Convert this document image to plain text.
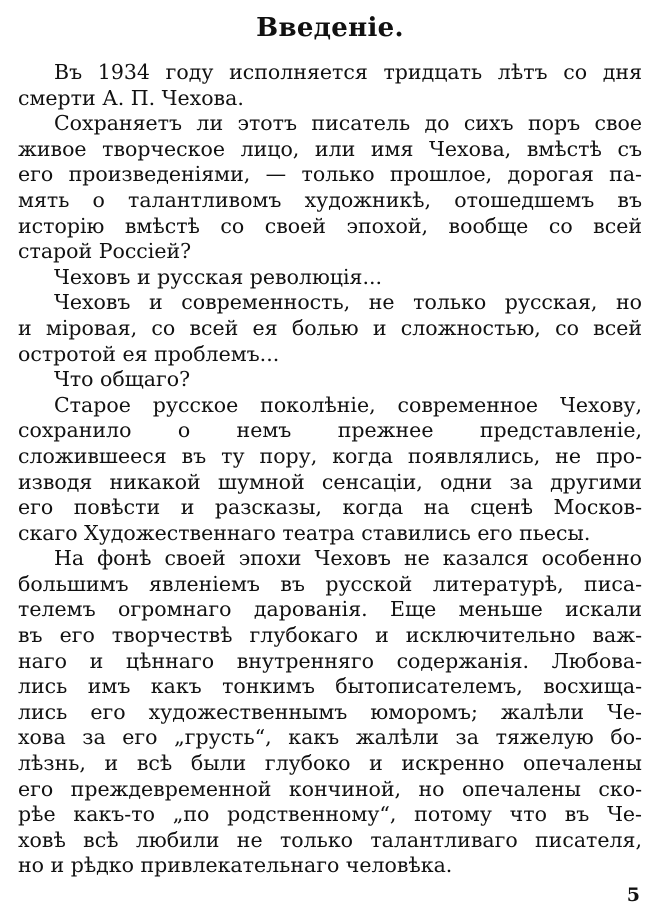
Введеніе.
Въ 1934 году исполняется тридцать лѣтъ со дня
смерти А. П. Чехова.
Сохраняетъ ли этотъ писатель до сихъ поръ свое
живое творческое лицо, или имя Чехова, вмѣстѣ съ
его произведеніями, — только прошлое, дорогая па-
мять о талантливомъ художникѣ, отошедшемъ въ
исторію вмѣстѣ со своей эпохой, вообще со всей
старой Россіей?
Чеховъ и русская революція...
Чеховъ и современность, не только русская, но
и міровая, со всей ея болью и сложностью, со всей
остротой ея проблемъ...
Что общаго?
Старое русское поколѣніе, современное Чехову,
сохранило о немъ прежнее представленіе,
сложившееся въ ту пору, когда появлялись, не про-
изводя никакой шумной сенсаціи, одни за другими
его повѣсти и разсказы, когда на сценѣ Москов-
скаго Художественнаго театра ставились его пьесы.
На фонѣ своей эпохи Чеховъ не казался особенно
большимъ явленіемъ въ русской литературѣ, писа-
телемъ огромнаго дарованія. Еще меньше искали
въ его творчествѣ глубокаго и исключительно важ-
наго и цѣннаго внутренняго содержанія. Любова-
лись имъ какъ тонкимъ бытописателемъ, восхища-
лись его художественнымъ юморомъ; жалѣли Че-
хова за его „грусть“, какъ жалѣли за тяжелую бо-
лѣзнь, и всѣ были глубоко и искренно опечалены
его преждевременной кончиной, но опечалены ско-
рѣе какъ-то „по родственному“, потому что въ Че-
ховѣ всѣ любили не только талантливаго писателя,
но и рѣдко привлекательнаго человѣка.
5
